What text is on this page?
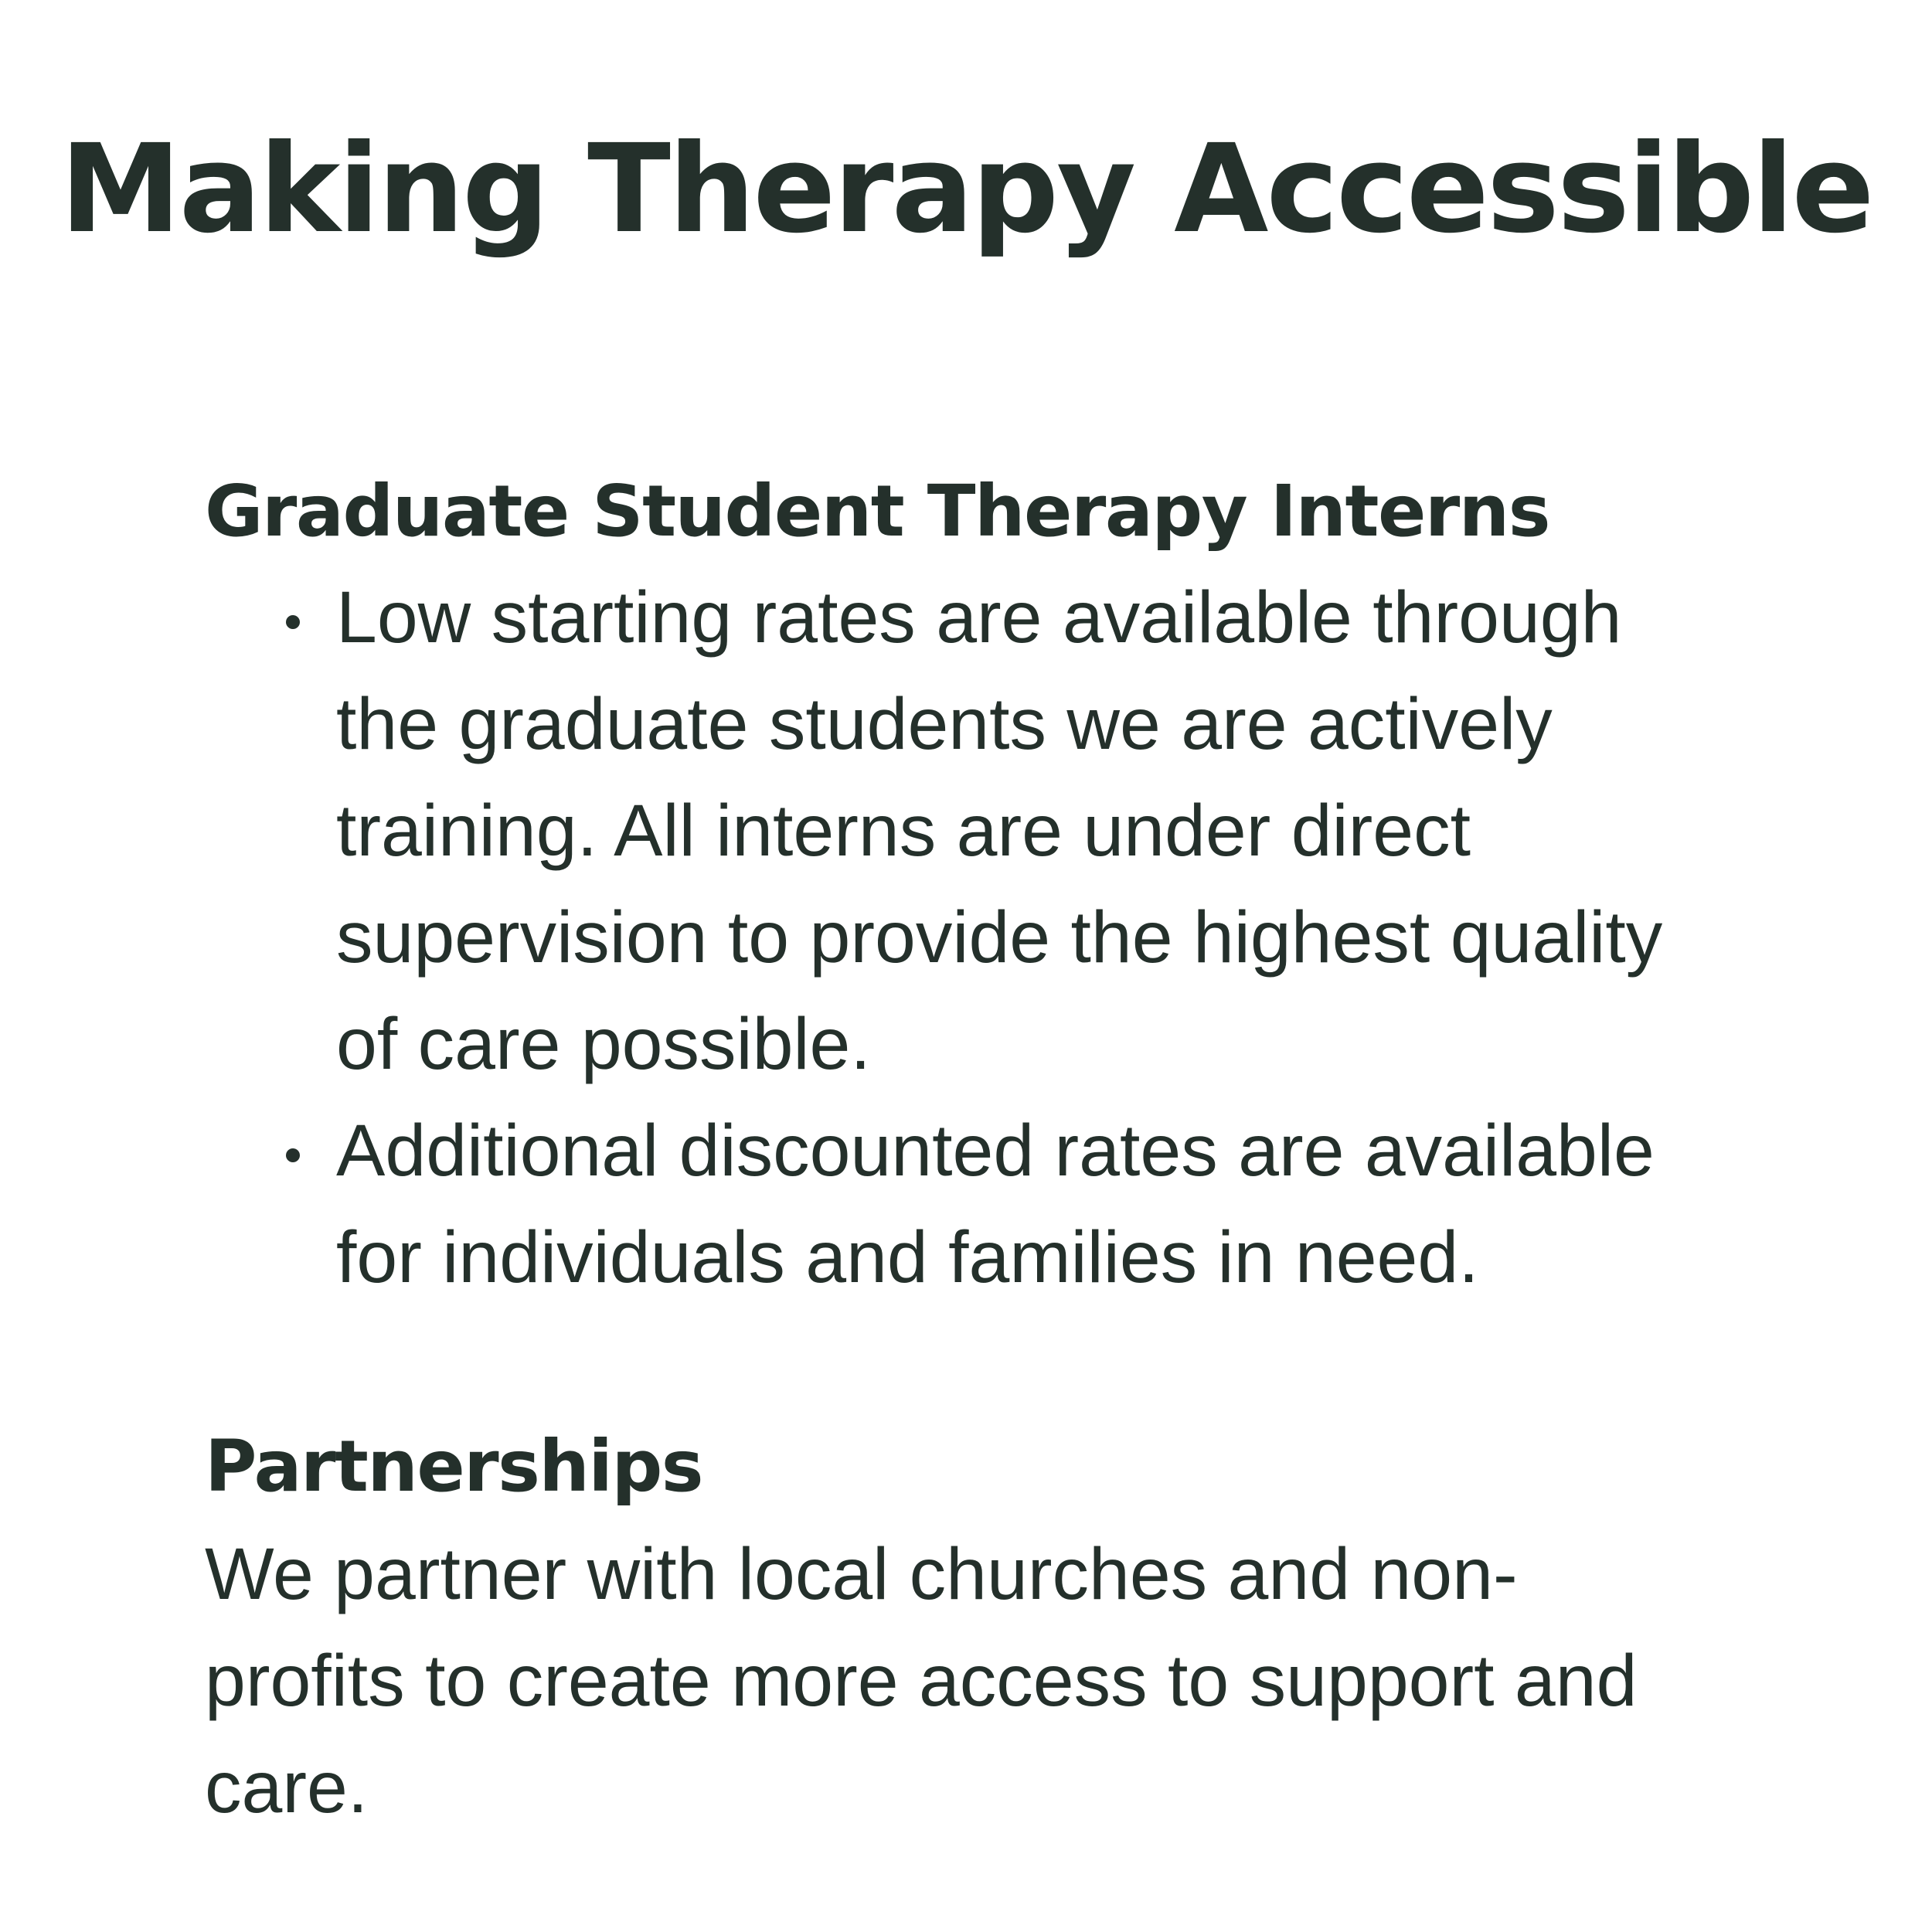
Making Therapy Accessible
Graduate Student Therapy Interns
Low starting rates are available through
the graduate students we are actively
training. All interns are under direct
supervision to provide the highest quality
of care possible.
Additional discounted rates are available
for individuals and families in need.
Partnerships

We partner with local churches and non-
profits to create more access to support and
care.
